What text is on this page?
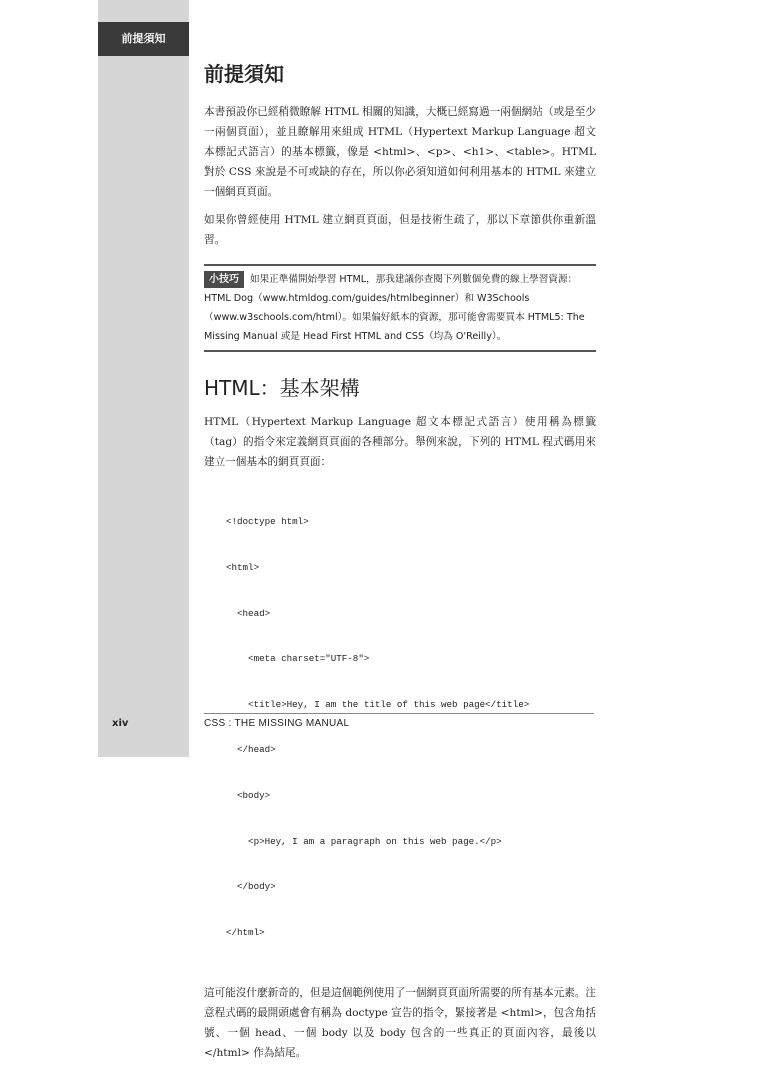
前提須知
前提須知

本書預設你已經稍微瞭解 HTML 相關的知識，大概已經寫過一兩個網站（或是至少一兩個頁面），並且瞭解用來組成 HTML（Hypertext Markup Language 超文本標記式語言）的基本標籤，像是 <html>、<p>、<h1>、<table>。HTML 對於 CSS 來說是不可或缺的存在，所以你必須知道如何利用基本的 HTML 來建立一個網頁頁面。

如果你曾經使用 HTML 建立網頁頁面，但是技術生疏了，那以下章節供你重新溫習。

小技巧 如果正準備開始學習 HTML，那我建議你查閱下列數個免費的線上學習資源：HTML Dog（www.htmldog.com/guides/htmlbeginner）和 W3Schools（www.w3schools.com/html）。如果偏好紙本的資源，那可能會需要買本 HTML5: The Missing Manual 或是 Head First HTML and CSS（均為 O'Reilly）。
HTML：基本架構

HTML（Hypertext Markup Language 超文本標記式語言）使用稱為標籤（tag）的指令來定義網頁頁面的各種部分。舉例來說，下列的 HTML 程式碼用來建立一個基本的網頁頁面：

<!doctype html>

<html>

<head>

<meta charset="UTF-8">

<title>Hey, I am the title of this web page</title>

</head>

<body>

<p>Hey, I am a paragraph on this web page.</p>

</body>

</html>

這可能沒什麼新奇的，但是這個範例使用了一個網頁頁面所需要的所有基本元素。注意程式碼的最開頭處會有稱為 doctype 宣告的指令，緊接著是 <html>，包含角括號、一個 head、一個 body 以及 body 包含的一些真正的頁面內容，最後以 </html> 作為結尾。

xiv	CSS : THE MISSING MANUAL
